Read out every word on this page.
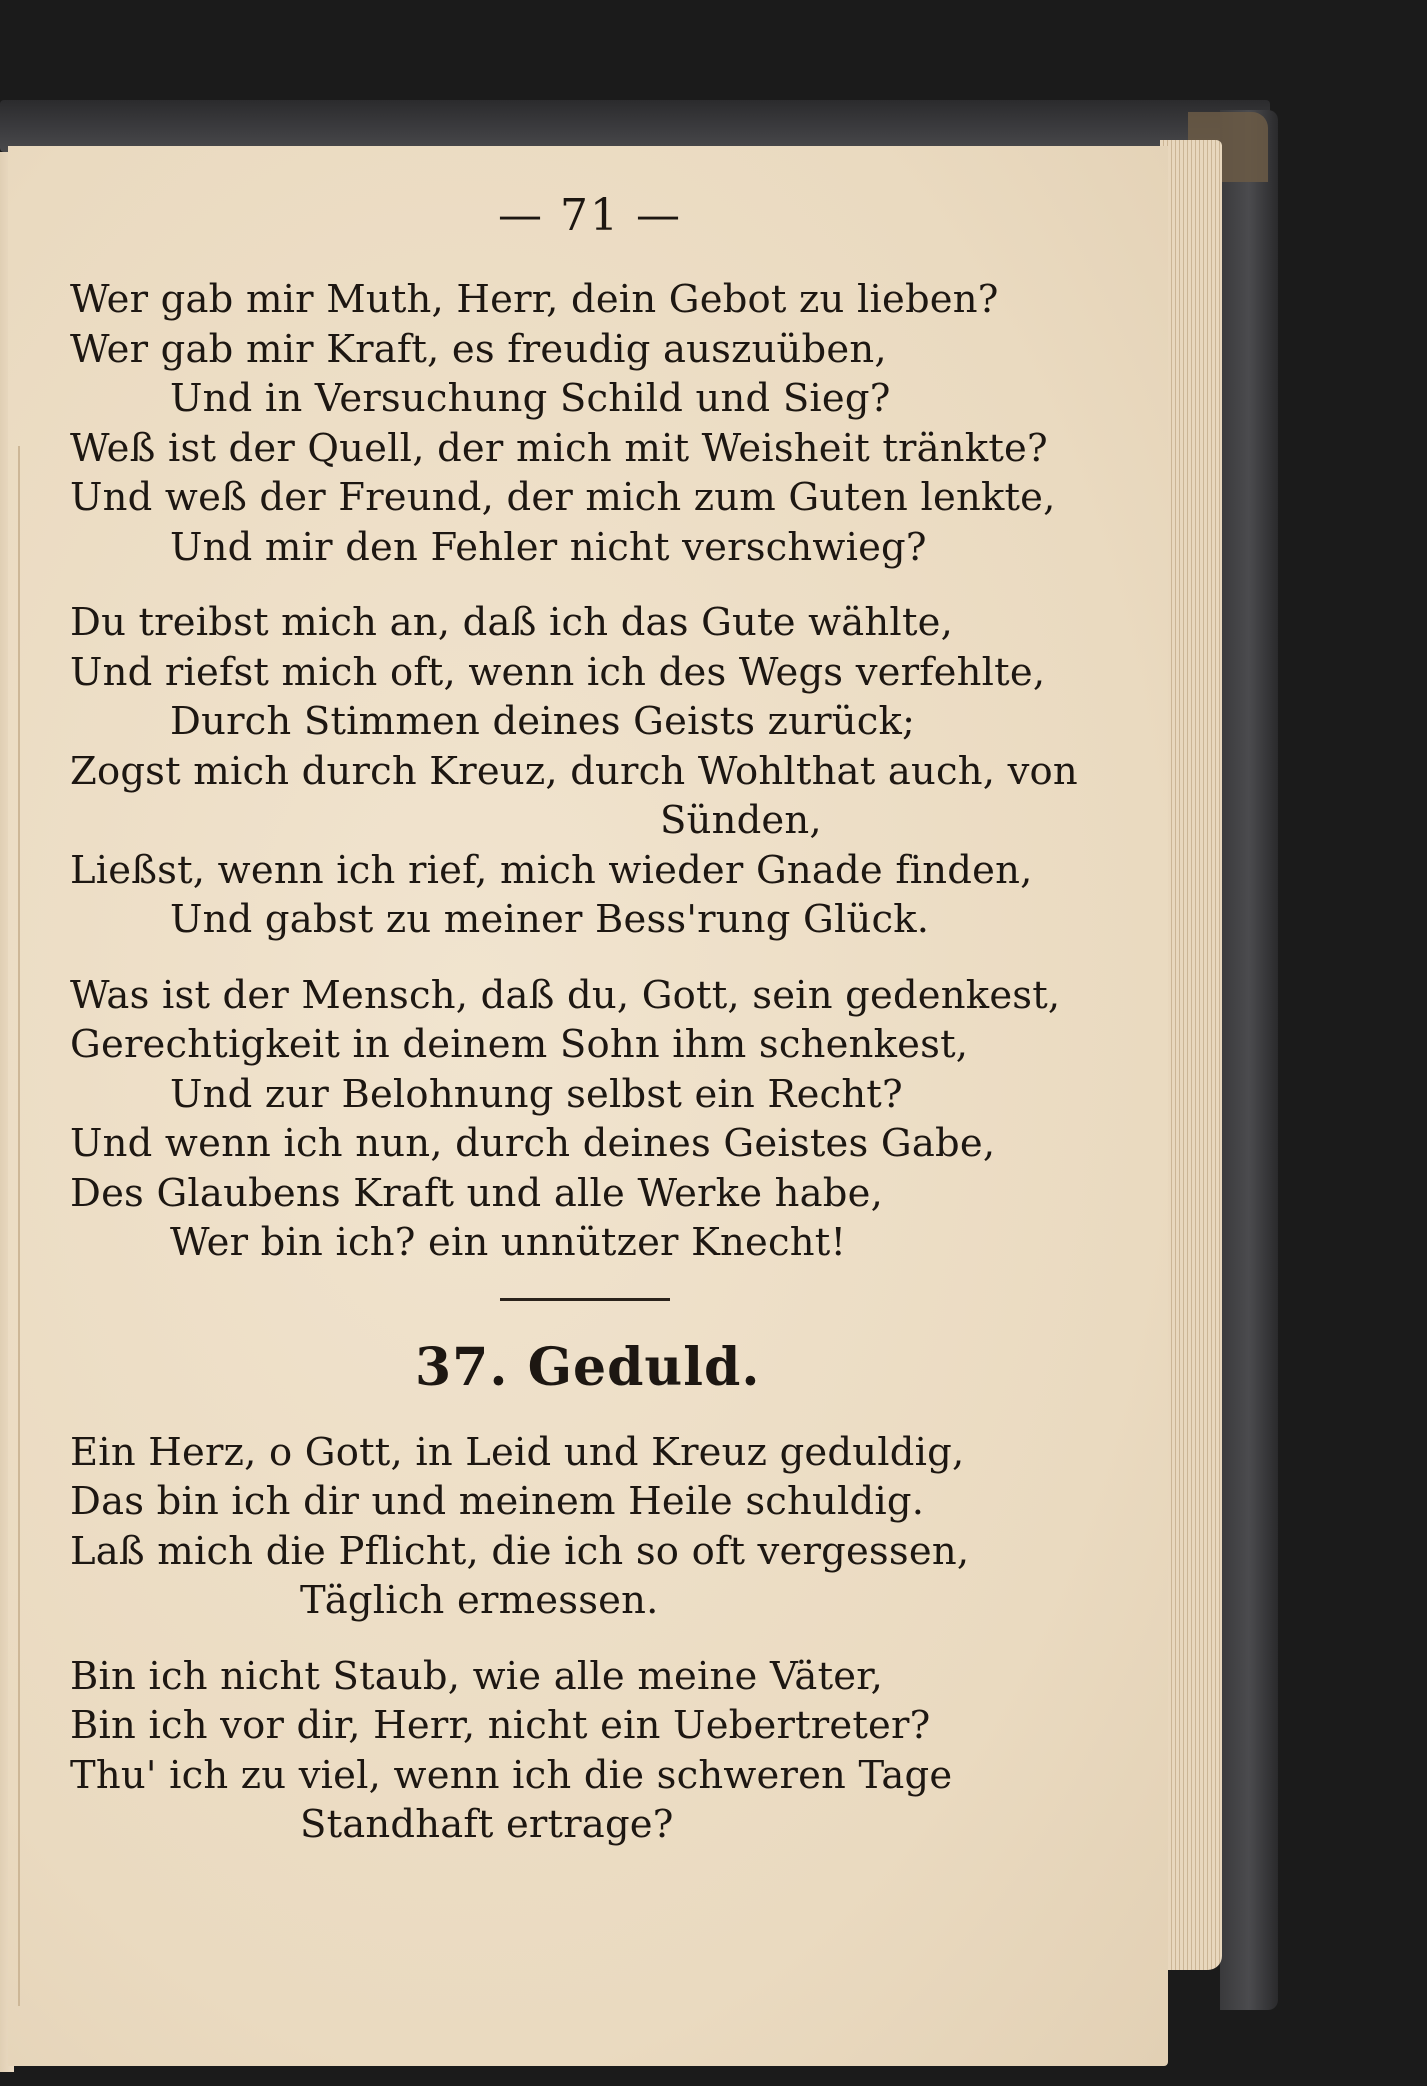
— 71 —
Wer gab mir Muth, Herr, dein Gebot zu lieben?
Wer gab mir Kraft, es freudig auszuüben,
Und in Versuchung Schild und Sieg?
Weß ist der Quell, der mich mit Weisheit tränkte?
Und weß der Freund, der mich zum Guten lenkte,
Und mir den Fehler nicht verschwieg?
Du treibst mich an, daß ich das Gute wählte,
Und riefst mich oft, wenn ich des Wegs verfehlte,
Durch Stimmen deines Geists zurück;
Zogst mich durch Kreuz, durch Wohlthat auch, von
Sünden,
Ließst, wenn ich rief, mich wieder Gnade finden,
Und gabst zu meiner Bess'rung Glück.
Was ist der Mensch, daß du, Gott, sein gedenkest,
Gerechtigkeit in deinem Sohn ihm schenkest,
Und zur Belohnung selbst ein Recht?
Und wenn ich nun, durch deines Geistes Gabe,
Des Glaubens Kraft und alle Werke habe,
Wer bin ich? ein unnützer Knecht!
37. Geduld.
Ein Herz, o Gott, in Leid und Kreuz geduldig,
Das bin ich dir und meinem Heile schuldig.
Laß mich die Pflicht, die ich so oft vergessen,
Täglich ermessen.
Bin ich nicht Staub, wie alle meine Väter,
Bin ich vor dir, Herr, nicht ein Uebertreter?
Thu' ich zu viel, wenn ich die schweren Tage
Standhaft ertrage?
